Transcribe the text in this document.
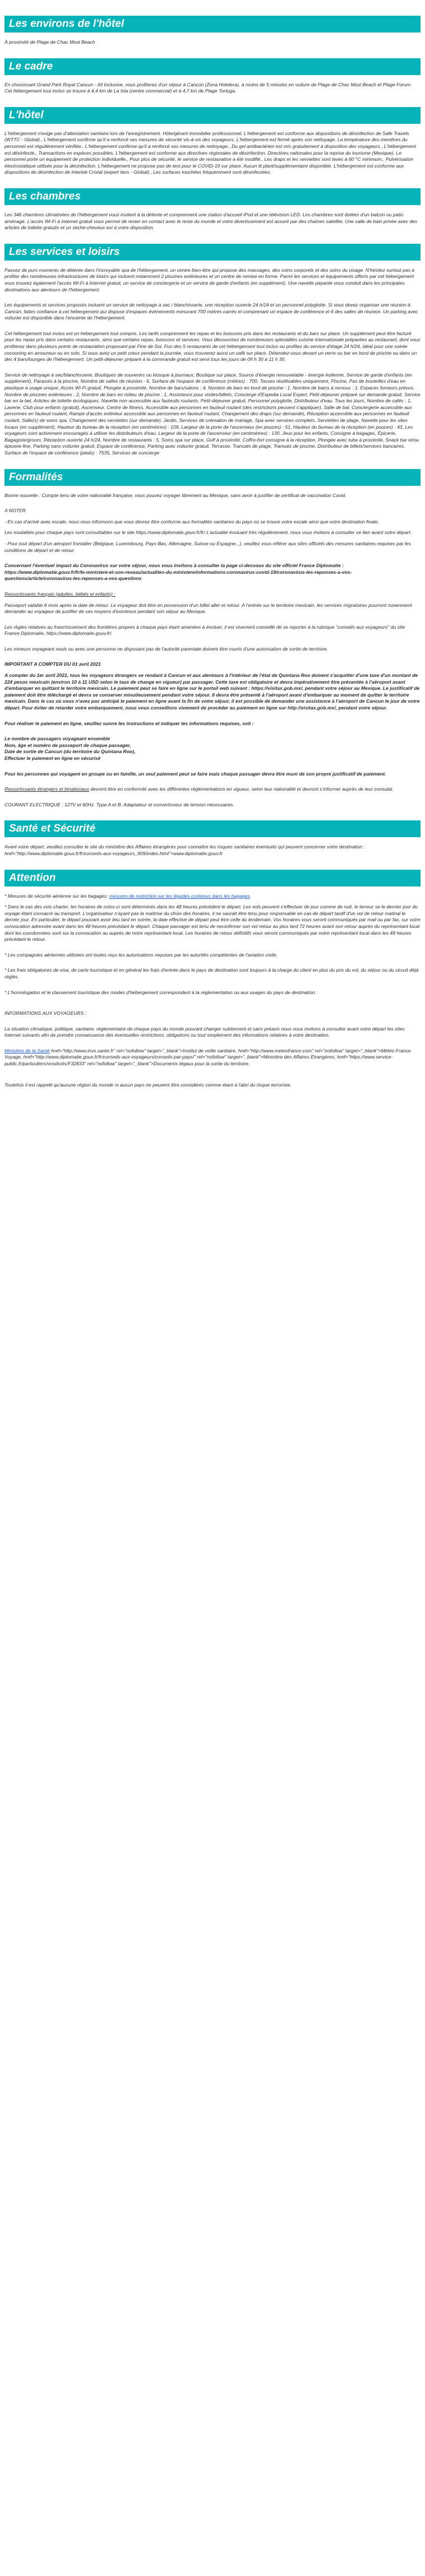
Les environs de l'hôtel

À proximité de Plage de Chac Mool Beach

Le cadre

En choisissant Grand Park Royal Cancun - All Inclusive, vous profiterez d'un séjour à Cancún (Zona Hotelera), à moins de 5 minutes en voiture de Plage de Chac Mool Beach et Plage Forum. Cet hébergement tout inclus se trouve à 4,4 km de La Isla (centre commercial) et à 4,7 km de Plage Tortuga.

L'hôtel

L'hébergement n'exige pas d'attestation sanitaire lors de l'enregistrement. Hôte/gérant immobilier professionnel, L'hébergement est conforme aux dispositions de désinfection de Safe Travels (WTTC - Global)., L'hébergement confirme qu'il a renforcé ses mesures de sécurité vis-à-vis des voyageurs. L'hébergement est fermé après son nettoyage. La température des membres du personnel est régulièrement vérifiée., L'hébergement confirme qu'il a renforcé ses mesures de nettoyage., Du gel antibactérien est mis gratuitement à disposition des voyageurs., L'hébergement est désinfecté., Transactions en espèces possibles, L'hébergement est conforme aux directives régionales de désinfection. Directives nationales pour la reprise du tourisme (Mexique). Le personnel porte un équipement de protection individuelle., Pour plus de sécurité, le service de restauration a été modifié., Les draps et les serviettes sont lavés à 60 °C minimum., Pulvérisation électrostatique utilisée pour la désinfection. L'hébergement ne propose pas de test pour le COVID-19 sur place. Aucun lit plant/supplémentaire disponible. L'hébergement est conforme aux dispositions de désinfection de Intertek Cristal (expert tiers - Global)., Les surfaces touchées fréquemment sont désinfectées.

Les chambres

Les 346 chambres climatisées de l'hébergement vous invitent à la détente et comprennent une station d'accueil iPod et une télévision LED. Les chambres sont dotées d'un balcon ou patio aménagé. L'accès Wi-Fi à Internet gratuit vous permet de rester en contact avec le reste du monde et votre divertissement est assuré par des chaînes satellite. Une salle de bain privée avec des articles de toilette gratuits et un sèche-cheveux est à votre disposition.

Les services et loisirs

Passez de purs moments de détente dans l'incroyable spa de l'hébergement, un centre bien-être qui propose des massages, des soins corporels et des soins du visage. N'hésitez surtout pas à profiter des nombreuses infrastructures de loisirs qui incluent notamment 2 piscines extérieures et un centre de remise en forme. Parmi les services et équipements offerts par cet hébergement vous trouvez également l'accès Wi-Fi à Internet gratuit, un service de conciergerie et un service de garde d'enfants (en supplément). Une navette payante vous conduit dans les principales destinations aux alentours de l'hébergement.

Les équipements et services proposés incluent un service de nettoyage à sec / blanchisserie, une réception ouverte 24 h/24 et un personnel polyglotte. Si vous devez organiser une réunion à Cancún, faites confiance à cet hébergement qui dispose d'espaces événements mesurant 700 mètres carrés et comprenant un espace de conférence et 6 des salles de réunion. Un parking avec voiturier est disponible dans l'enceinte de l'hébergement.

Cet hébergement tout inclus est un hébergement tout compris. Les tarifs comprennent les repas et les boissons pris dans les restaurants et du bars sur place. Un supplément peut être facturé pour les repas pris dans certains restaurants, ainsi que certains repas, boissons et services. Vous découvrirez de nombreuses spécialités cuisine internationale préparées au restaurant, dont vous profiterez dans plusieurs points de restauration proposant par Fine de Sol. Fun des 5 restaurants de cet hébergement tout inclus ou profitez du service d'étage 24 h/24, idéal pour une soirée cocooning en amoureux ou en solo. Si vous avez un petit creux pendant la journée, vous trouverez aussi un café sur place. Détendez-vous devant un verre ou bar en bord de piscine ou dans un des 4 bars/lounges de l'hébergement. Un petit-déjeuner préparé à la commande gratuit est servi tous les jours de 09 h 30 à 11 h 30.

Service de nettoyage à sec/blanchisserie, Boutiques de souvenirs ou kiosque à journaux, Boutique sur place, Source d'énergie renouvelable - énergie éolienne, Service de garde d'enfants (en supplément), Parasols à la piscine, Nombre de salles de réunion - 6, Surface de l'espace de conférence (mètres) : 700, Tasses réutilisables uniquement, Piscine, Pas de bouteilles d'eau en plastique à usage unique, Accès Wi-Fi gratuit, Plongée à proximité, Nombre de bars/salons : 4, Nombre de bars en bord de piscine : 1, Nombre de bains à remous : 1, Espaces fumeurs prévus, Nombre de piscines extérieures : 2, Nombre de bars en milieu de piscine : 1, Assistance pour visites/billets, Concierge d'Expedia Local Expert, Petit-déjeuner préparé sur demande gratuit, Service bar en la bel, Articles de toilette écologiques, Navette non accessible aux fauteuils roulants, Petit-déjeuner gratuit, Personnel polyglotte, Distributeur d'eau, Tous les jours, Nombre de cafés : 1, Laverie, Club pour enfants (gratuit), Ascenseur, Centre de fitness, Accessible aux personnes en fauteuil roulant (des restrictions peuvent s'appliquer), Salle de bal, Conciergerie accessible aux personnes en fauteuil roulant, Rampe d'accès extérieur accessible aux personnes en fauteuil roulant, Changement des draps (sur demande), Réception accessible aux personnes en fauteuil roulant, Salle(s) de soins spa, Changement des serviettes (sur demande), Jardin, Services de crémation de mariage, Spa avec services complets, Serviettes de plage, Navette pour les sites locaux (en supplément), Hauteur du bureau de la réception (en centimètres) : 109, Largeur de la porte de l'ascenseur (en pouces) : 51, Hauteur du bureau de la réception (en pouces) : 43, Les voyageurs sont activement encouragés à utiliser les distributeurs d'eau, Largeur de la porte de l'ascenseur (en centimètres) : 130, Jeux pour les enfants, Consigne à bagages, Épicerie, Bagagiste/groom, Réception ouverte 24 h/24, Nombre de restaurants : 5, Soins spa sur place, Golf à proximité, Coffre-fort consigne à la réception, Plongée avec tuba à proximité, Snack bar et/ou épicerie fine, Parking sans voiturier gratuit, Espace de conférence, Parking avec voiturier gratuit, Terrasse, Transats de plage, Transats de piscine, Distributeur de billets/services bancaires, Surface de l'espace de conférence (pieds) : 7535, Services de concierge

Formalités

Bonne nouvelle : Compte tenu de votre nationalité française, vous pouvez voyager librement au Mexique, sans avoir à justifier de certificat de vaccination Covid.

A NOTER

- En cas d'arrivé avec escale, nous vous informons que vous devrez être conforme aux formalités sanitaires du pays où se trouve votre escale ainsi que votre destination finale.

Les modalités pour chaque pays sont consultables sur le site https://www.diplomatie.gouv.fr/fr/ L'actualité évoluant très régulièrement, nous vous invitons à consulter ce lien avant votre départ.

- Pour tout départ d'un aéroport frontalier (Belgique, Luxembourg, Pays-Bas, Allemagne, Suisse ou Espagne...), veuillez vous référer aux sites officiels des mesures sanitaires requises par les conditions de départ et de retour.

Concernant l'éventuel impact du Coronavirus sur votre séjour, nous vous invitons à consulter la page ci-dessous du site officiel France Diplomatie : https://www.diplomatie.gouv.fr/fr/le-ministere-et-son-reseau/actualites-du-ministere/informations-coronavirus-covid-19/coronavirus-les-reponses-a-vos-questions/article/coronavirus-les-reponses-a-vos-questions

Ressortissants français (adultes, bébés et enfants) :

Passeport valable 6 mois après la date de retour. Le voyageur doit être en possession d'un billet aller et retour. A l'entrée sur le territoire mexicain, les services migratoires pourront notamment demander au voyageur de justifier de ses moyens d'existence pendant son séjour au Mexique.

Les règles relatives au franchissement des frontières propres à chaque pays étant amenées à évoluer, il est vivement conseillé de se reporter à la rubrique "conseils aux voyageurs" du site France Diplomatie, https://www.diplomatie.gouv.fr/.

Les mineurs voyageant seuls ou avec une personne ne disposant pas de l'autorité parentale doivent être munis d'une autorisation de sortie de territoire.

IMPORTANT A COMPTER DU 01 avril 2021

A compter du 1er avril 2021, tous les voyageurs étrangers se rendant à Cancun et aux alentours à l'intérieur de l'état de Quintana Roo doivent s'acquitter d'une taxe d'un montant de 224 pesos mexicain (environ 10 à 11 USD selon le taux de change en vigueur) par passager. Cette taxe est obligatoire et devra impérativement être présentée à l'aéroport avant d'embarquer en quittant le territoire mexicain. Le paiement peut se faire en ligne sur le portail web suivant : https://visitax.gob.mx/, pendant votre séjour au Mexique. Le justificatif de paiement doit être téléchargé et devra se conserver minutieusement pendant votre séjour. Il devra être présenté à l'aéroport avant d'embarquer au moment de quitter le territoire mexicain. Dans le cas où vous n'avez pas anticipé le paiement en ligne avant la fin de votre séjour, il est possible de demander une assistance à l'aéroport de Cancun le jour de votre départ. Pour éviter de retarder votre embarquement, nous vous conseillons vivement de procéder au paiement en ligne sur http://visitax.gob.mx/, pendant votre séjour.

Pour réaliser le paiement en ligne, veuillez suivre les instructions et indiquer les informations requises, soit :

Le nombre de passagers voyageant ensemble

Nom, âge et numéro de passeport de chaque passager,

Date de sortie de Cancun (du territoire du Quintana Roo),

Effectuer le paiement en ligne en sécurisé

Pour les personnes qui voyagent en groupe ou en famille, un seul paiement peut se faire mais chaque passager devra être muni de son propre justificatif de paiement.

Ressortissants étrangers et binationaux devront être en conformité avec les différentes réglementations en vigueur, selon leur nationalité et devront s'informer auprès de leur consulat.

COURANT ELECTRIQUE : 127V et 60Hz. Type A et B. Adaptateur et convertisseur de tension nécessaires.

Santé et Sécurité

Avant votre départ, veuillez consulter le site du ministère des Affaires étrangères pour connaître les risques sanitaires éventuels qui peuvent concerner votre destination : href="http://www.diplomatie.gouv.fr/fr/conseils-aux-voyageurs_909/index.html">www.diplomatie.gouv.fr

Attention

* Mesures de sécurité aérienne sur les bagages: mesures de restriction sur les liquides contenus dans les bagages.

* Dans le cas des vols charter, les horaires de colos-ci sont déterminés dans les 48 heures précédent le départ. Les vols peuvent s'effectuer de jour comme de nuit, le terreur se le dernier jour du voyage étant consacré au transport. L'organisateur n'ayant pas la maîtrise du choix des horaires, il ne saurait être tenu pour responsable en cas de départ tardif d'un vol de retour matinal le dernier jour. En particulier, le départ pouvant avoir lieu tard en soirée, la date effective de départ peut être celle du lendemain. Vos horaires vous seront communiqués par mail ou par fax, sur votre convocation adressée avant dans les 48 heures précédant le départ. Chaque passager est tenu de reconfirmer son vol retour au plus tard 72 heures avant son retour auprès du représentant local dont les coordonnées sont sur la convocation au auprès de notre représentant local. Les horaires de retour définitifs vous seront communiqués par notre représentant local dans les 48 heures précédant le retour.

* Les compagnies aériennes utilisées ont toutes reçu les autorisations requises par les autorités compétentes de l'aviation civile.

* Les frais obligatoires de visa, de carte touristique et en général les frais d'entrée dans le pays de destination sont toujours à la charge du client en plus du prix du vol, du séjour ou du circuit déjà réglés.

* L'homologation et le classement touristique des modes d'hébergement correspondent à la réglementation ou aux usages du pays de destination.

INFORMATIONS AUX VOYAGEURS :

La situation climatique, politique, sanitaire, réglementaire de chaque pays du monde pouvant changer subitement et sans préavis nous vous invitons à consulter avant votre départ les sites Internet suivants afin de prendre connaissance des éventuelles restrictions, obligations ou tout simplement des informations relatives à votre destination.

Ministère de la Santé href="http://www.invs.sante.fr" rel="nofollow" target="_blank">Institut de veille sanitaire, href="http://www.meteofrance.com" rel="nofollow" target="_blank">Météo France Voyage, href="http://www.diplomatie.gouv.fr/fr/conseils-aux-voyageurs/conseils-par-pays/" rel="nofollow" target="_blank">Ministère des Affaires Étrangères, href="https://www.service-public.fr/particuliers/vosdroits/F32833" rel="nofollow" target="_blank">Documents légaux pour la sortie du territoire.

Toutefois il est rappelé qu'aucune région du monde ni aucun pays ne peuvent être considérés comme étant à l'abri du risque terroriste.
